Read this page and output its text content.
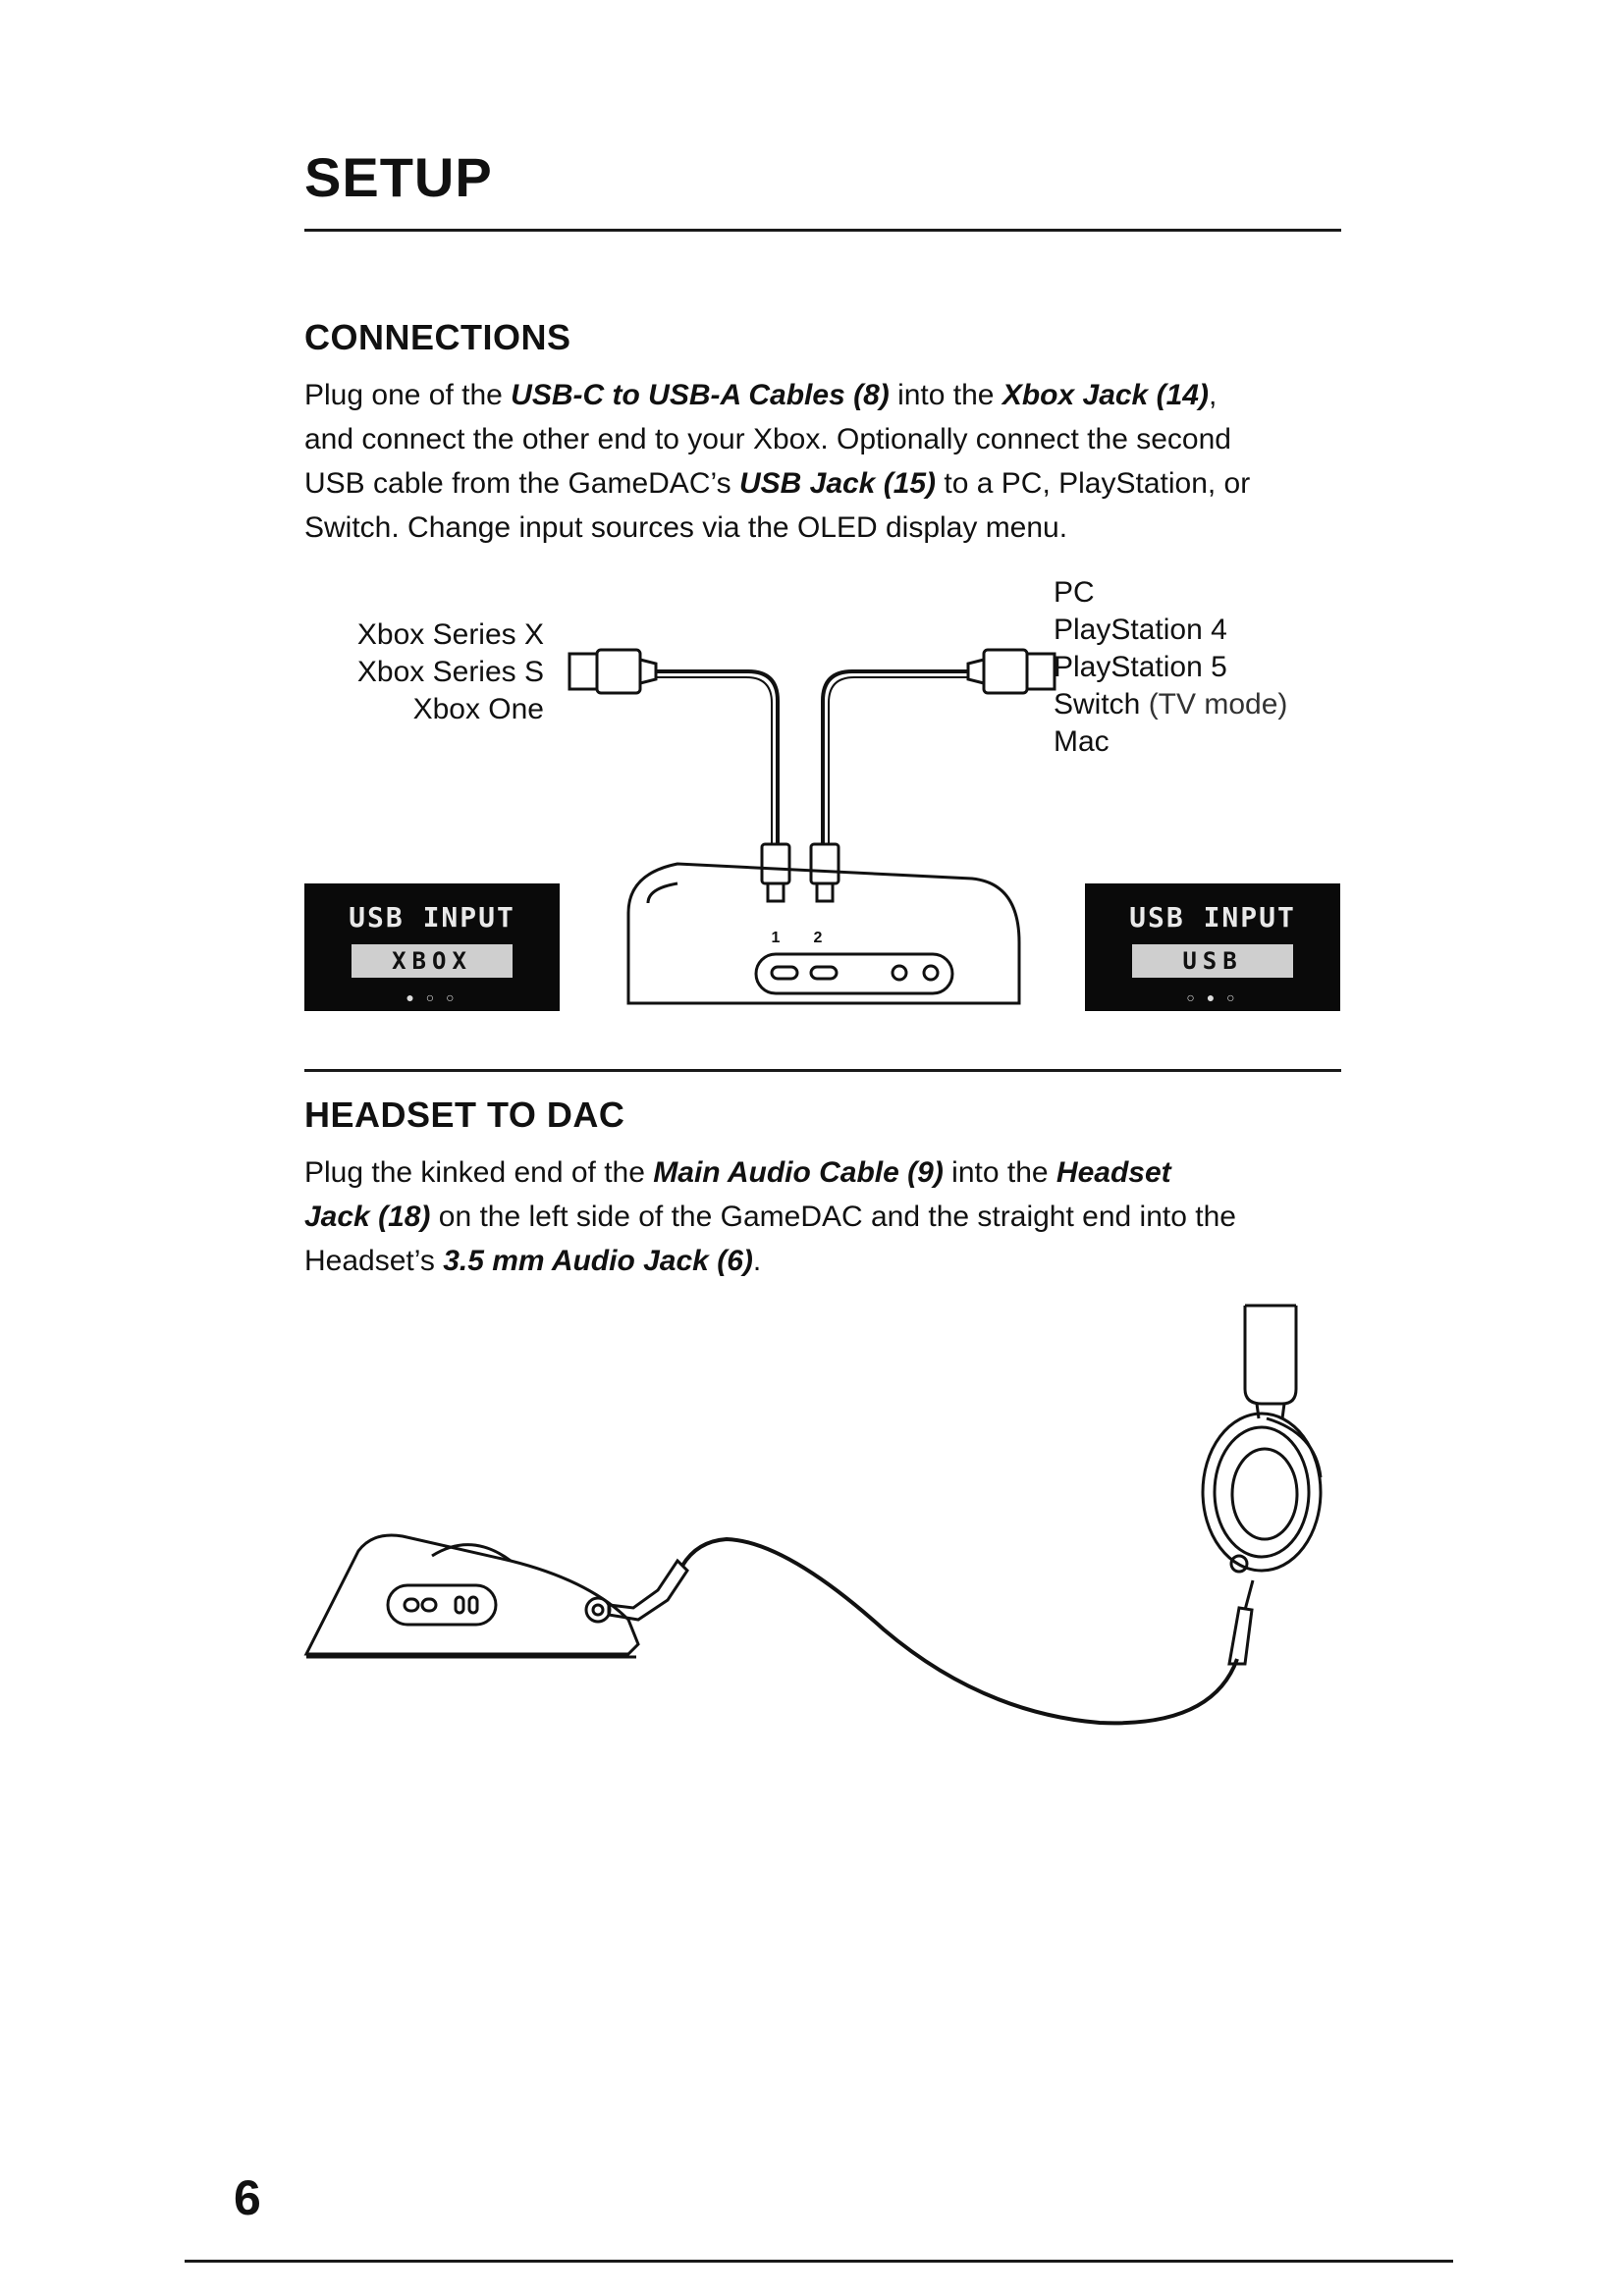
SETUP
CONNECTIONS
Plug one of the USB-C to USB-A Cables (8) into the Xbox Jack (14),
and connect the other end to your Xbox. Optionally connect the second
USB cable from the GameDAC’s USB Jack (15) to a PC, PlayStation, or
Switch. Change input sources via the OLED display menu.
Xbox Series X
Xbox Series S
Xbox One
PC
PlayStation 4
PlayStation 5
Switch (TV mode)
Mac
1 2
USB INPUT
XBOX
● ○ ○
USB INPUT
USB
○ ● ○
HEADSET TO DAC
Plug the kinked end of the Main Audio Cable (9) into the Headset
Jack (18) on the left side of the GameDAC and the straight end into the
Headset’s 3.5 mm Audio Jack (6).
6
